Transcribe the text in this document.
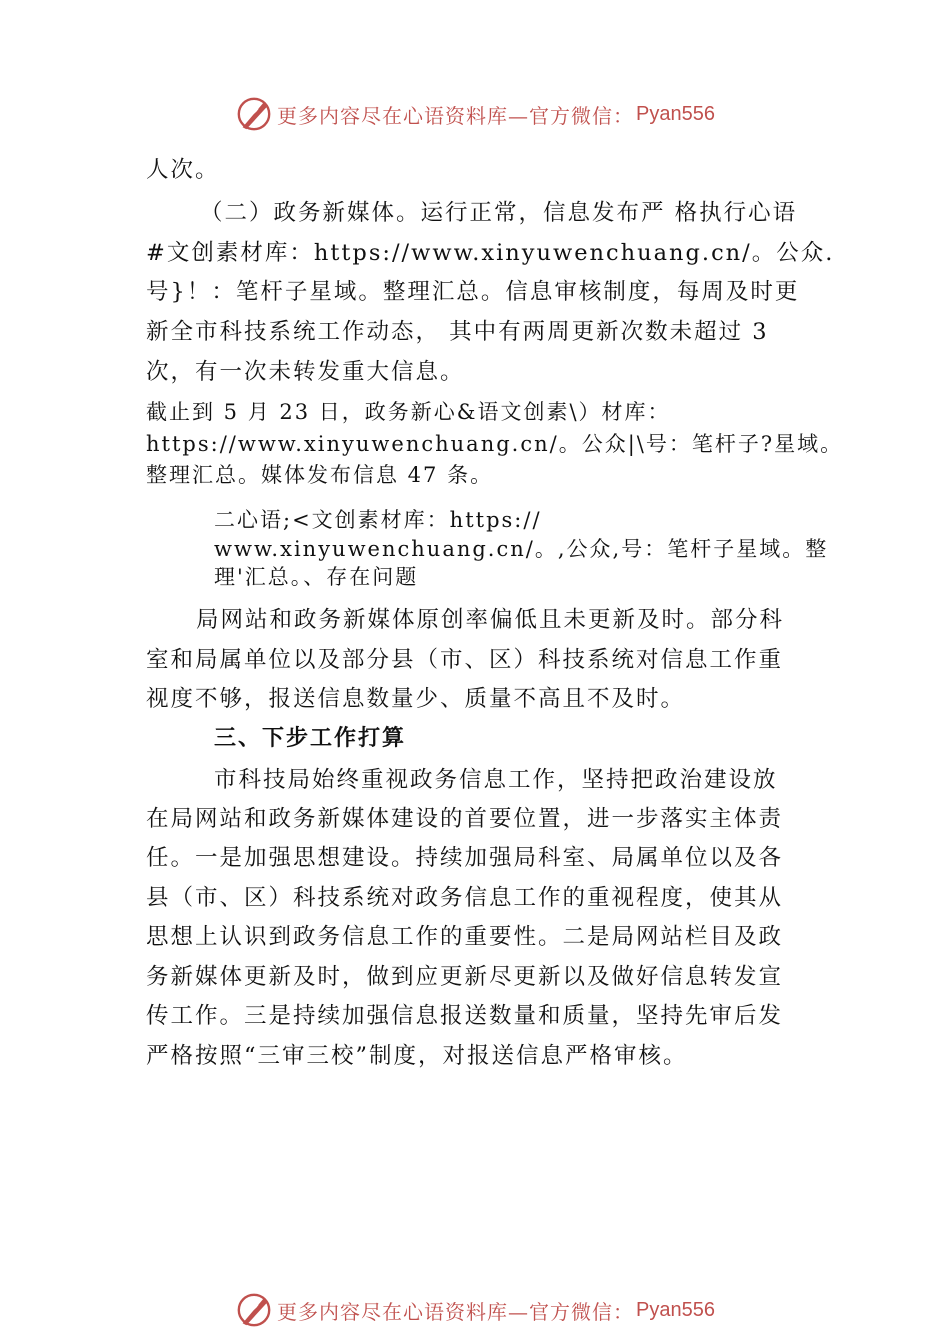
更多内容尽在心语资料库—官方微信： Pyan556
人次。
（二）政务新媒体。运行正常，信息发布严 格执行心语
#文创素材库：https://www.xinyuwenchuang.cn/。公众.
号}！：笔杆子星域。整理汇总。信息审核制度，每周及时更
新全市科技系统工作动态， 其中有两周更新次数未超过 3
次，有一次未转发重大信息。
截止到 5 月 23 日，政务新心&语文创素\）材库：
https://www.xinyuwenchuang.cn/。公众|\号：笔杆子?星域。
整理汇总。媒体发布信息 47 条。
二心语;<文创素材库：https://
www.xinyuwenchuang.cn/。,公众,号：笔杆子星域。整
理'汇总。、存在问题
局网站和政务新媒体原创率偏低且未更新及时。部分科
室和局属单位以及部分县（市、区）科技系统对信息工作重
视度不够，报送信息数量少、质量不高且不及时。
三、下步工作打算
市科技局始终重视政务信息工作，坚持把政治建设放
在局网站和政务新媒体建设的首要位置，进一步落实主体责
任。一是加强思想建设。持续加强局科室、局属单位以及各
县（市、区）科技系统对政务信息工作的重视程度，使其从
思想上认识到政务信息工作的重要性。二是局网站栏目及政
务新媒体更新及时，做到应更新尽更新以及做好信息转发宣
传工作。三是持续加强信息报送数量和质量，坚持先审后发
严格按照“三审三校”制度，对报送信息严格审核。
更多内容尽在心语资料库—官方微信： Pyan556
